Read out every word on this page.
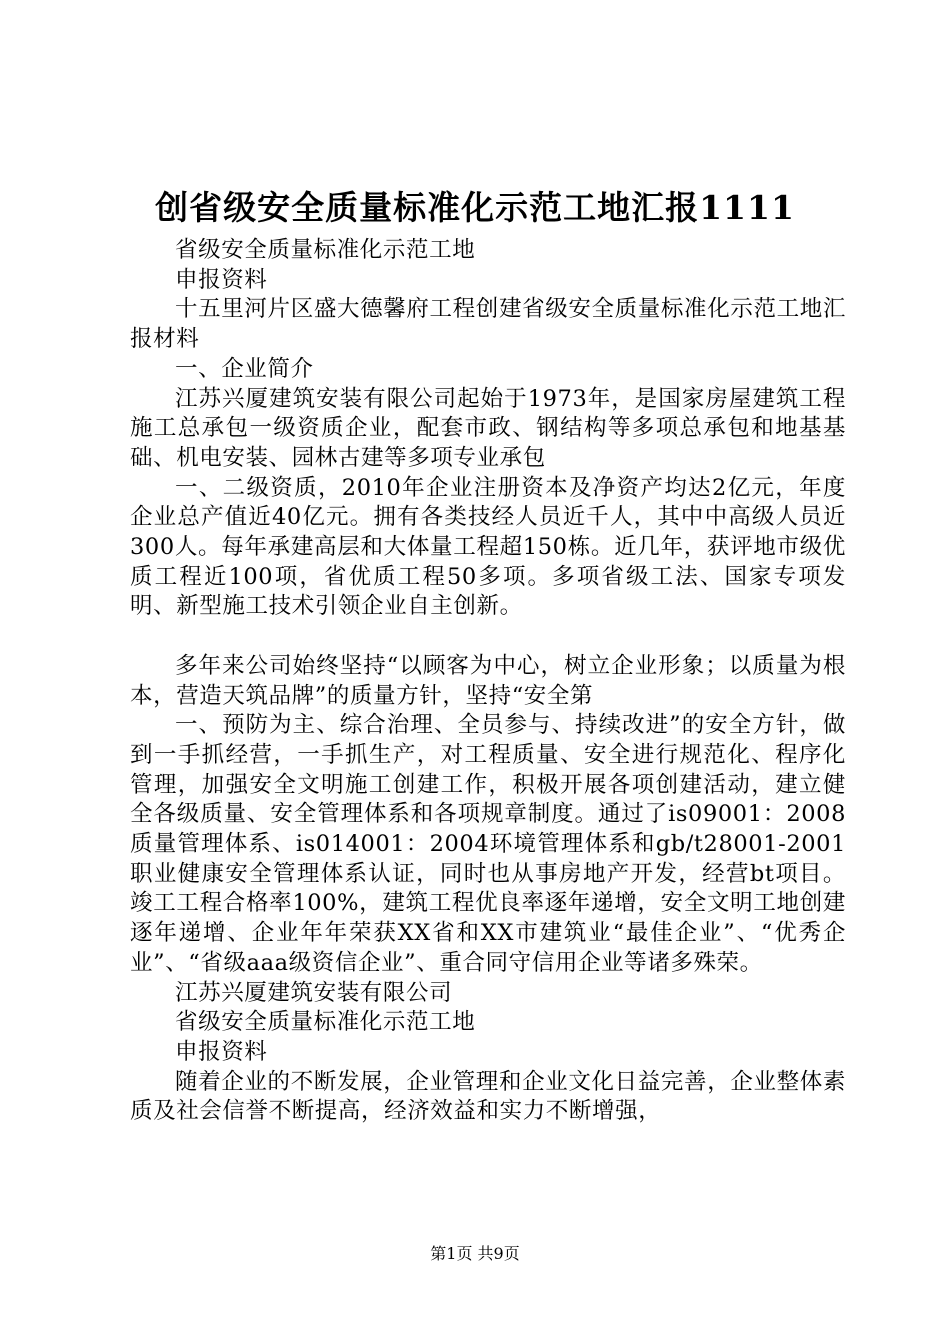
创省级安全质量标准化示范工地汇报1111

省级安全质量标准化示范工地

申报资料

十五里河片区盛大德馨府工程创建省级安全质量标准化示范工地汇报材料

一、企业简介

江苏兴厦建筑安装有限公司起始于1973年，是国家房屋建筑工程施工总承包一级资质企业，配套市政、钢结构等多项总承包和地基基础、机电安装、园林古建等多项专业承包

一、二级资质，2010年企业注册资本及净资产均达2亿元，年度企业总产值近40亿元。拥有各类技经人员近千人，其中中高级人员近300人。每年承建高层和大体量工程超150栋。近几年，获评地市级优质工程近100项，省优质工程50多项。多项省级工法、国家专项发明、新型施工技术引领企业自主创新。

多年来公司始终坚持“以顾客为中心，树立企业形象；以质量为根本，营造天筑品牌”的质量方针，坚持“安全第

一、预防为主、综合治理、全员参与、持续改进”的安全方针，做到一手抓经营，一手抓生产，对工程质量、安全进行规范化、程序化管理，加强安全文明施工创建工作，积极开展各项创建活动，建立健全各级质量、安全管理体系和各项规章制度。通过了is09001：2008质量管理体系、is014001：2004环境管理体系和gb/t28001-2001职业健康安全管理体系认证，同时也从事房地产开发，经营bt项目。竣工工程合格率100%，建筑工程优良率逐年递增，安全文明工地创建逐年递增、企业年年荣获XX省和XX市建筑业“最佳企业”、“优秀企业”、“省级aaa级资信企业”、重合同守信用企业等诸多殊荣。

江苏兴厦建筑安装有限公司

省级安全质量标准化示范工地

申报资料

随着企业的不断发展，企业管理和企业文化日益完善，企业整体素质及社会信誉不断提高，经济效益和实力不断增强，

第1页 共9页
